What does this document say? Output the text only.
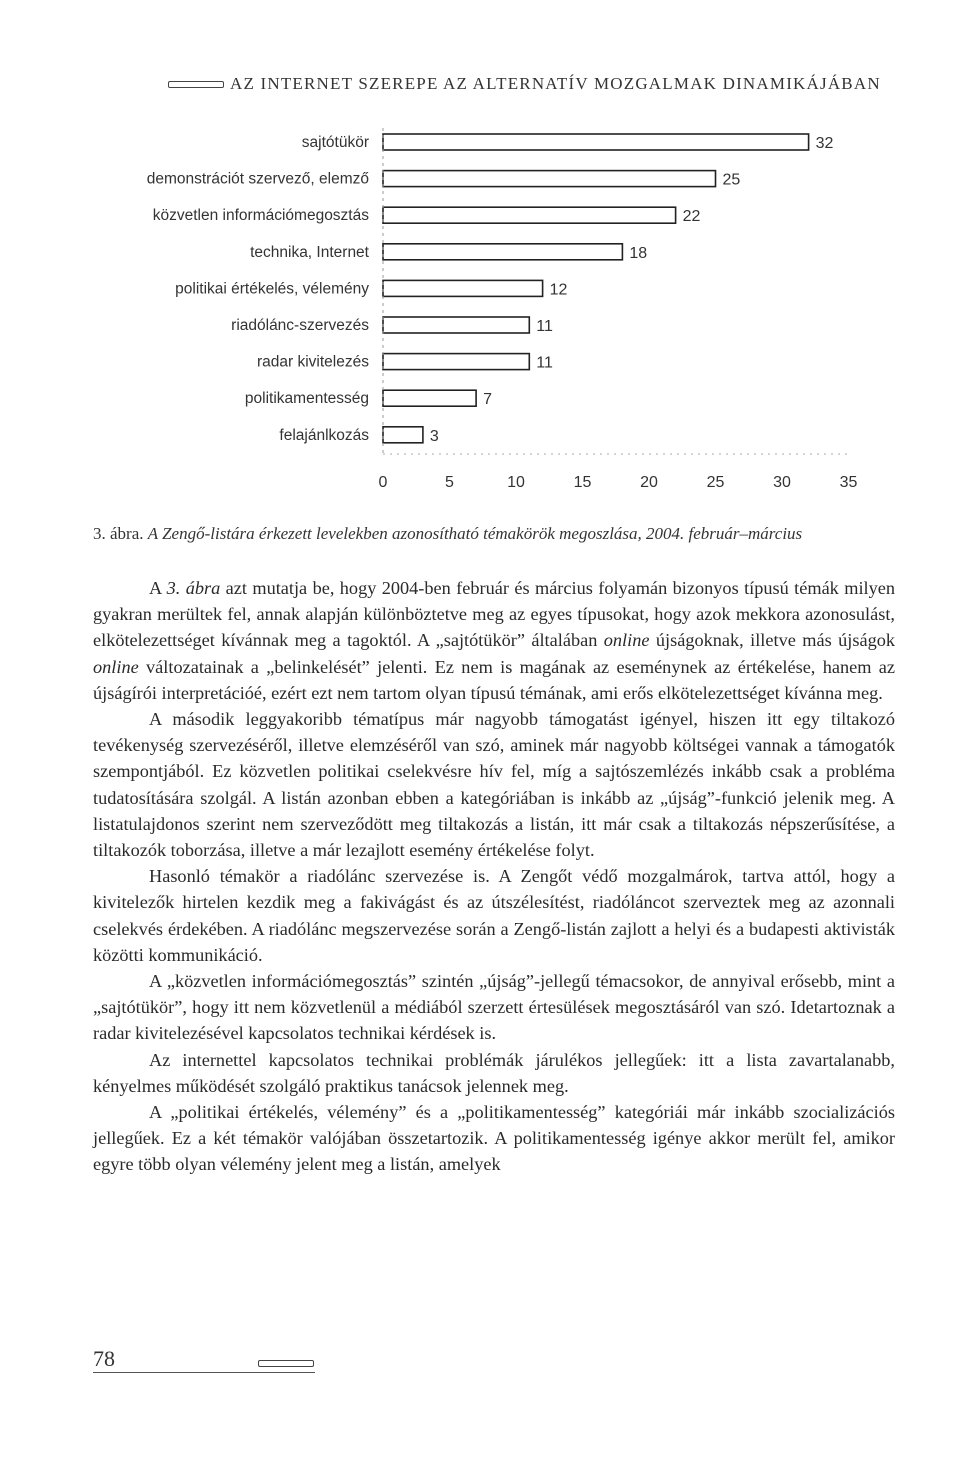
AZ INTERNET SZEREPE AZ ALTERNATÍV MOZGALMAK DINAMIKÁJÁBAN
sajtótükör	32
demonstrációt szervező, elemző	25
közvetlen információmegosztás	22
technika, Internet	18
politikai értékelés, vélemény	12
riadólánc-szervezés	11
radar kivitelezés	11
politikamentesség	7
felajánlkozás	3
0	5	10	15	20	25	30	35
3. ábra. A Zengő-listára érkezett levelekben azonosítható témakörök megoszlása, 2004. február–március

A 3. ábra azt mutatja be, hogy 2004-ben február és március folyamán bizonyos típusú témák milyen gyakran merültek fel, annak alapján különböztetve meg az egyes típusokat, hogy azok mekkora azonosulást, elkötelezettséget kívánnak meg a tagoktól. A „sajtótükör” általában online újságoknak, illetve más újságok online változatainak a „belinkelését” jelenti. Ez nem is magának az eseménynek az értékelése, hanem az újságírói interpretációé, ezért ezt nem tartom olyan típusú témának, ami erős elkötelezettséget kívánna meg.

A második leggyakoribb tématípus már nagyobb támogatást igényel, hiszen itt egy tiltakozó tevékenység szervezéséről, illetve elemzéséről van szó, aminek már nagyobb költségei vannak a támogatók szempontjából. Ez közvetlen politikai cselekvésre hív fel, míg a sajtószemlézés inkább csak a probléma tudatosítására szolgál. A listán azonban ebben a kategóriában is inkább az „újság”-funkció jelenik meg. A listatulajdonos szerint nem szerveződött meg tiltakozás a listán, itt már csak a tiltakozás népszerűsítése, a tiltakozók toborzása, illetve a már lezajlott esemény értékelése folyt.

Hasonló témakör a riadólánc szervezése is. A Zengőt védő mozgalmárok, tartva attól, hogy a kivitelezők hirtelen kezdik meg a fakivágást és az útszélesítést, riadóláncot szerveztek meg az azonnali cselekvés érdekében. A riadólánc megszervezése során a Zengő-listán zajlott a helyi és a budapesti aktivisták közötti kommunikáció.

A „közvetlen információmegosztás” szintén „újság”-jellegű témacsokor, de annyival erősebb, mint a „sajtótükör”, hogy itt nem közvetlenül a médiából szerzett értesülések megosztásáról van szó. Idetartoznak a radar kivitelezésével kapcsolatos technikai kérdések is.

Az internettel kapcsolatos technikai problémák járulékos jellegűek: itt a lista zavartalanabb, kényelmes működését szolgáló praktikus tanácsok jelennek meg.

A „politikai értékelés, vélemény” és a „politikamentesség” kategóriái már inkább szocializációs jellegűek. Ez a két témakör valójában összetartozik. A politikamentesség igénye akkor merült fel, amikor egyre több olyan vélemény jelent meg a listán, amelyek

78
